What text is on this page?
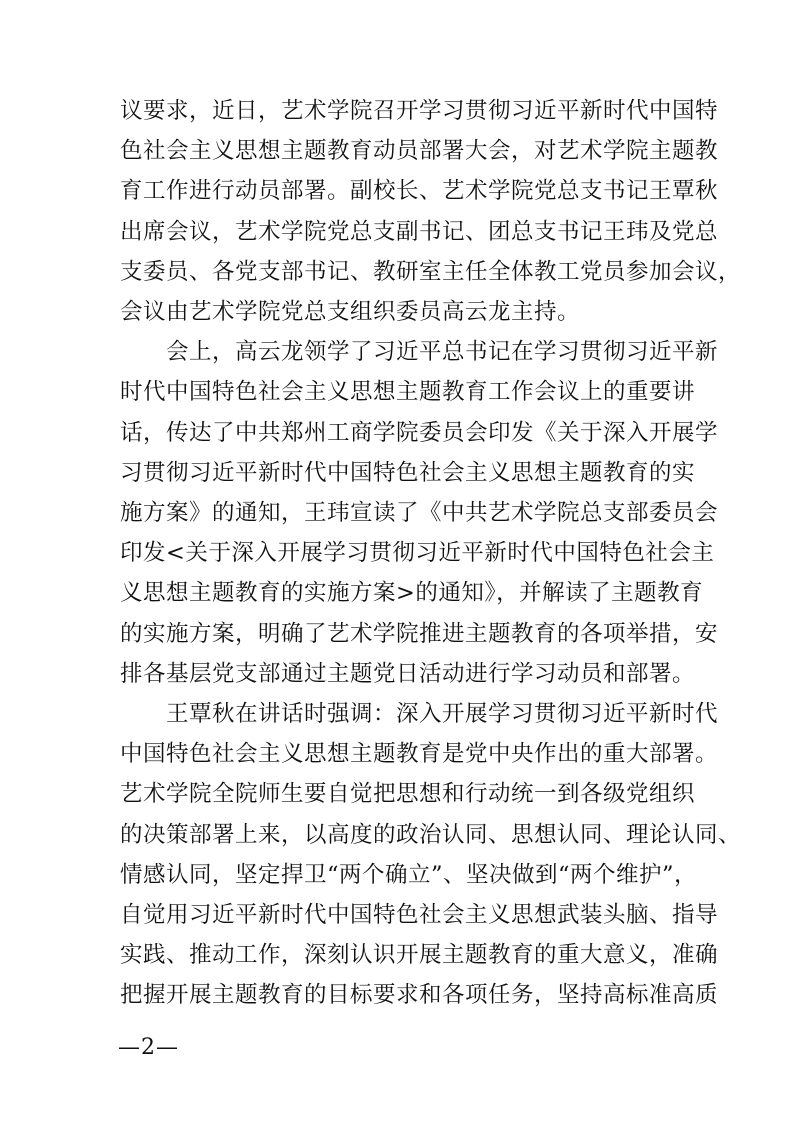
议要求，近日，艺术学院召开学习贯彻习近平新时代中国特
色社会主义思想主题教育动员部署大会，对艺术学院主题教
育工作进行动员部署。副校长、艺术学院党总支书记王覃秋
出席会议，艺术学院党总支副书记、团总支书记王玮及党总
支委员、各党支部书记、教研室主任全体教工党员参加会议，
会议由艺术学院党总支组织委员高云龙主持。
会上，高云龙领学了习近平总书记在学习贯彻习近平新
时代中国特色社会主义思想主题教育工作会议上的重要讲
话，传达了中共郑州工商学院委员会印发《关于深入开展学
习贯彻习近平新时代中国特色社会主义思想主题教育的实
施方案》的通知，王玮宣读了《中共艺术学院总支部委员会
印发<关于深入开展学习贯彻习近平新时代中国特色社会主
义思想主题教育的实施方案>的通知》，并解读了主题教育
的实施方案，明确了艺术学院推进主题教育的各项举措，安
排各基层党支部通过主题党日活动进行学习动员和部署。
王覃秋在讲话时强调：深入开展学习贯彻习近平新时代
中国特色社会主义思想主题教育是党中央作出的重大部署。
艺术学院全院师生要自觉把思想和行动统一到各级党组织
的决策部署上来，以高度的政治认同、思想认同、理论认同、
情感认同，坚定捍卫“两个确立”、坚决做到“两个维护”，
自觉用习近平新时代中国特色社会主义思想武装头脑、指导
实践、推动工作，深刻认识开展主题教育的重大意义，准确
把握开展主题教育的目标要求和各项任务，坚持高标准高质
—2—
